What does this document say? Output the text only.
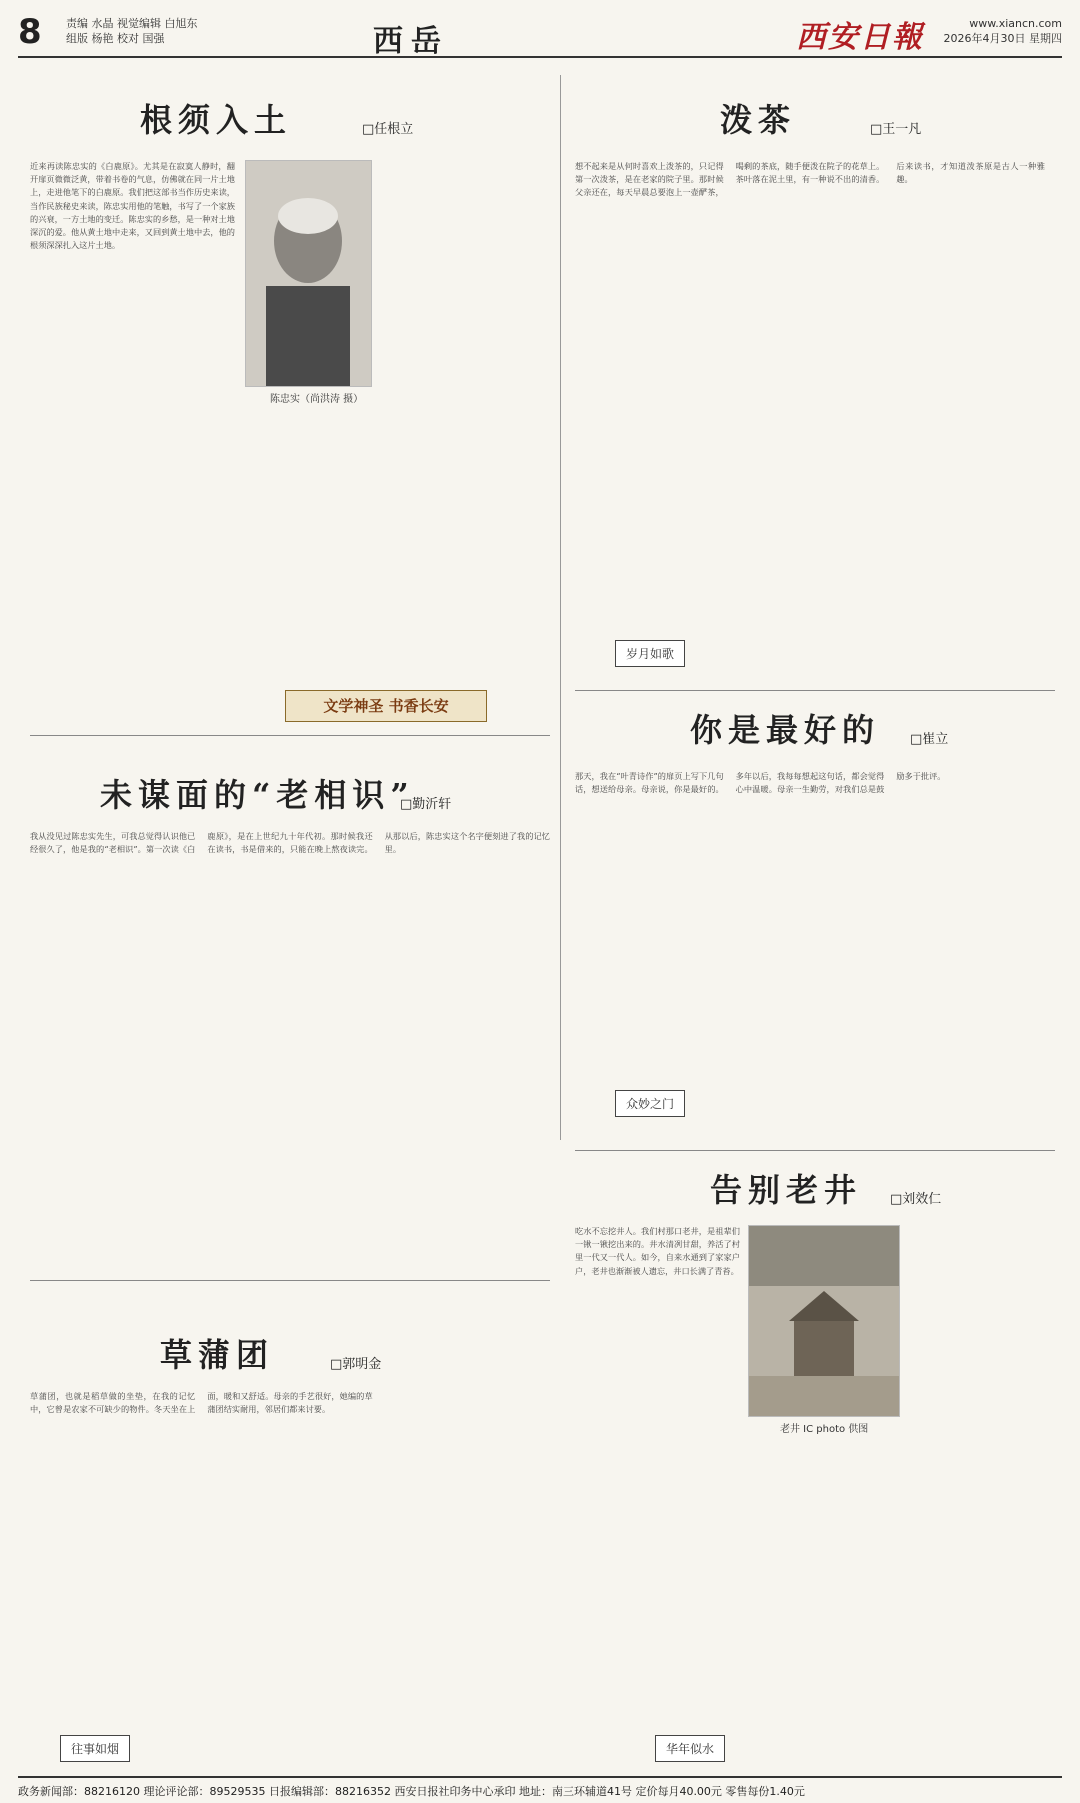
8	责编 水晶 视觉编辑 白旭东
组版 杨艳 校对 国强	西岳	西安日報	www.xiancn.com
2026年4月30日 星期四
根须入土	□任根立
近来再读陈忠实的《白鹿原》。尤其是在寂寞人静时，翻开扉页微微泛黄，带着书卷的气息，仿佛就在同一片土地上，走进他笔下的白鹿原。我们把这部书当作历史来读，当作民族秘史来读，陈忠实用他的笔触，书写了一个家族的兴衰，一方土地的变迁。陈忠实的乡愁，是一种对土地深沉的爱。他从黄土地中走来，又回到黄土地中去，他的根须深深扎入这片土地。
陈忠实（尚洪涛 摄）
文学神圣 书香长安
泼茶	□王一凡
想不起来是从何时喜欢上泼茶的，只记得第一次泼茶，是在老家的院子里。那时候父亲还在，每天早晨总要泡上一壶酽茶，喝剩的茶底，随手便泼在院子的花草上。茶叶落在泥土里，有一种说不出的清香。后来读书，才知道泼茶原是古人一种雅趣。
岁月如歌
你是最好的 □崔立
那天，我在“叶青诗作”的扉页上写下几句话，想送给母亲。母亲说，你是最好的。多年以后，我每每想起这句话，都会觉得心中温暖。母亲一生勤劳，对我们总是鼓励多于批评。
众妙之门
未谋面的“老相识”
□勤沂轩
我从没见过陈忠实先生，可我总觉得认识他已经很久了，他是我的“老相识”。第一次读《白鹿原》，是在上世纪九十年代初。那时候我还在读书，书是借来的，只能在晚上熬夜读完。从那以后，陈忠实这个名字便刻进了我的记忆里。
告别老井 □刘效仁
吃水不忘挖井人。我们村那口老井，是祖辈们一锹一锹挖出来的。井水清冽甘甜，养活了村里一代又一代人。如今，自来水通到了家家户户，老井也渐渐被人遗忘，井口长满了青苔。
老井 IC photo 供图
华年似水
草蒲团	□郭明金
草蒲团，也就是稻草做的坐垫，在我的记忆中，它曾是农家不可缺少的物件。冬天坐在上面，暖和又舒适。母亲的手艺很好，她编的草蒲团结实耐用，邻居们都来讨要。
往事如烟
政务新闻部：88216120 理论评论部：89529535 日报编辑部：88216352 西安日报社印务中心承印 地址：南三环辅道41号 定价每月40.00元 零售每份1.40元
